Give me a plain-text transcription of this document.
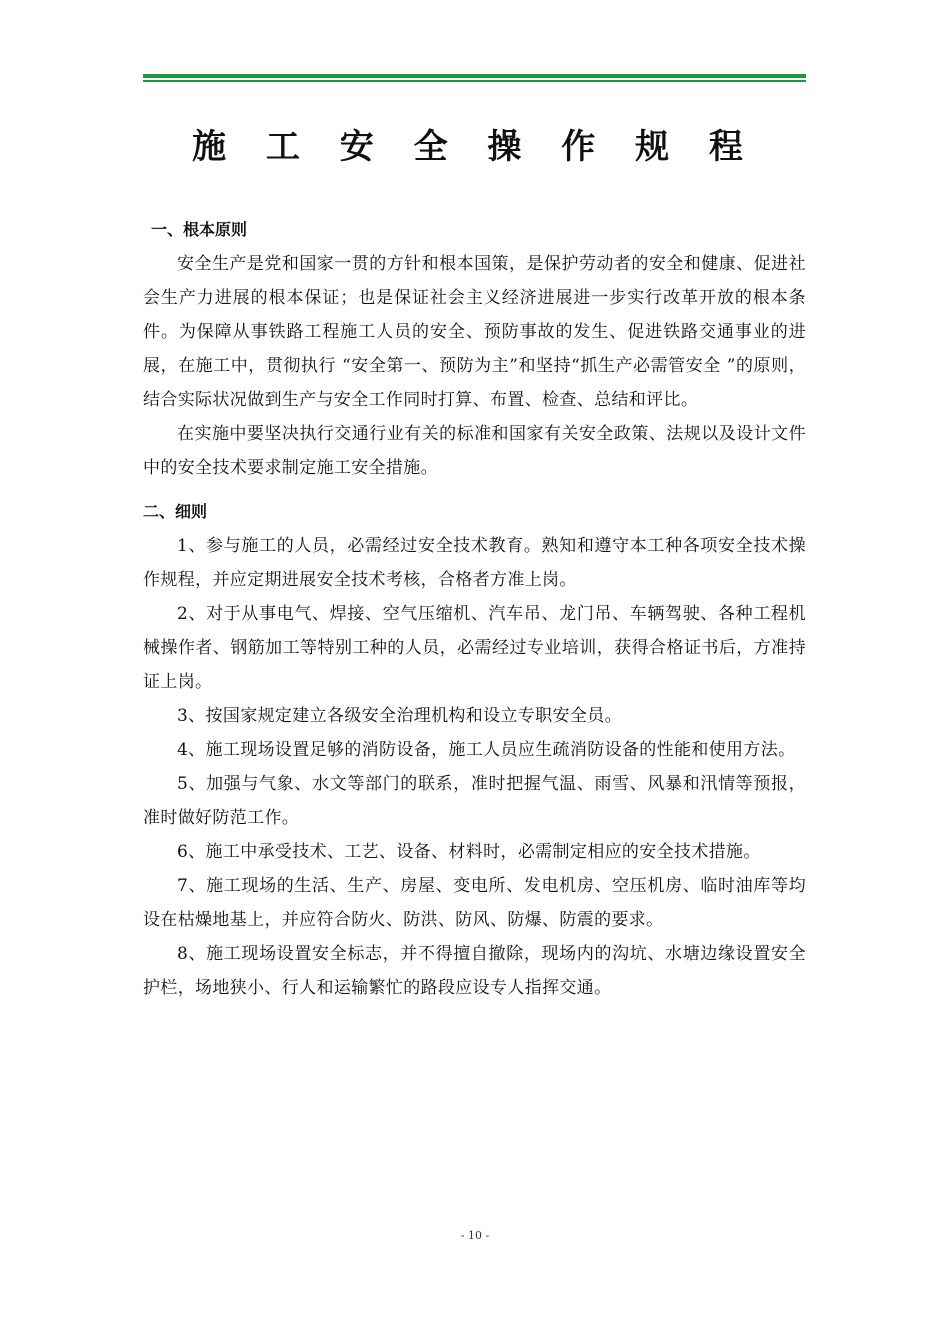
施 工 安 全 操 作 规 程

一、根本原则

安全生产是党和国家一贯的方针和根本国策，是保护劳动者的安全和健康、促进社会生产力进展的根本保证；也是保证社会主义经济进展进一步实行改革开放的根本条件。为保障从事铁路工程施工人员的安全、预防事故的发生、促进铁路交通事业的进展，在施工中，贯彻执行 “安全第一、预防为主”和坚持“抓生产必需管安全 ”的原则，结合实际状况做到生产与安全工作同时打算、布置、检查、总结和评比。

在实施中要坚决执行交通行业有关的标准和国家有关安全政策、法规以及设计文件中的安全技术要求制定施工安全措施。

二、细则

1、参与施工的人员，必需经过安全技术教育。熟知和遵守本工种各项安全技术操作规程，并应定期进展安全技术考核，合格者方准上岗。

2、对于从事电气、焊接、空气压缩机、汽车吊、龙门吊、车辆驾驶、各种工程机械操作者、钢筋加工等特别工种的人员，必需经过专业培训，获得合格证书后，方准持证上岗。

3、按国家规定建立各级安全治理机构和设立专职安全员。

4、施工现场设置足够的消防设备，施工人员应生疏消防设备的性能和使用方法。

5、加强与气象、水文等部门的联系，准时把握气温、雨雪、风暴和汛情等预报，准时做好防范工作。

6、施工中承受技术、工艺、设备、材料时，必需制定相应的安全技术措施。

7、施工现场的生活、生产、房屋、变电所、发电机房、空压机房、临时油库等均设在枯燥地基上，并应符合防火、防洪、防风、防爆、防震的要求。

8、施工现场设置安全标志，并不得擅自撤除，现场内的沟坑、水塘边缘设置安全护栏，场地狭小、行人和运输繁忙的路段应设专人指挥交通。

- 10 -
